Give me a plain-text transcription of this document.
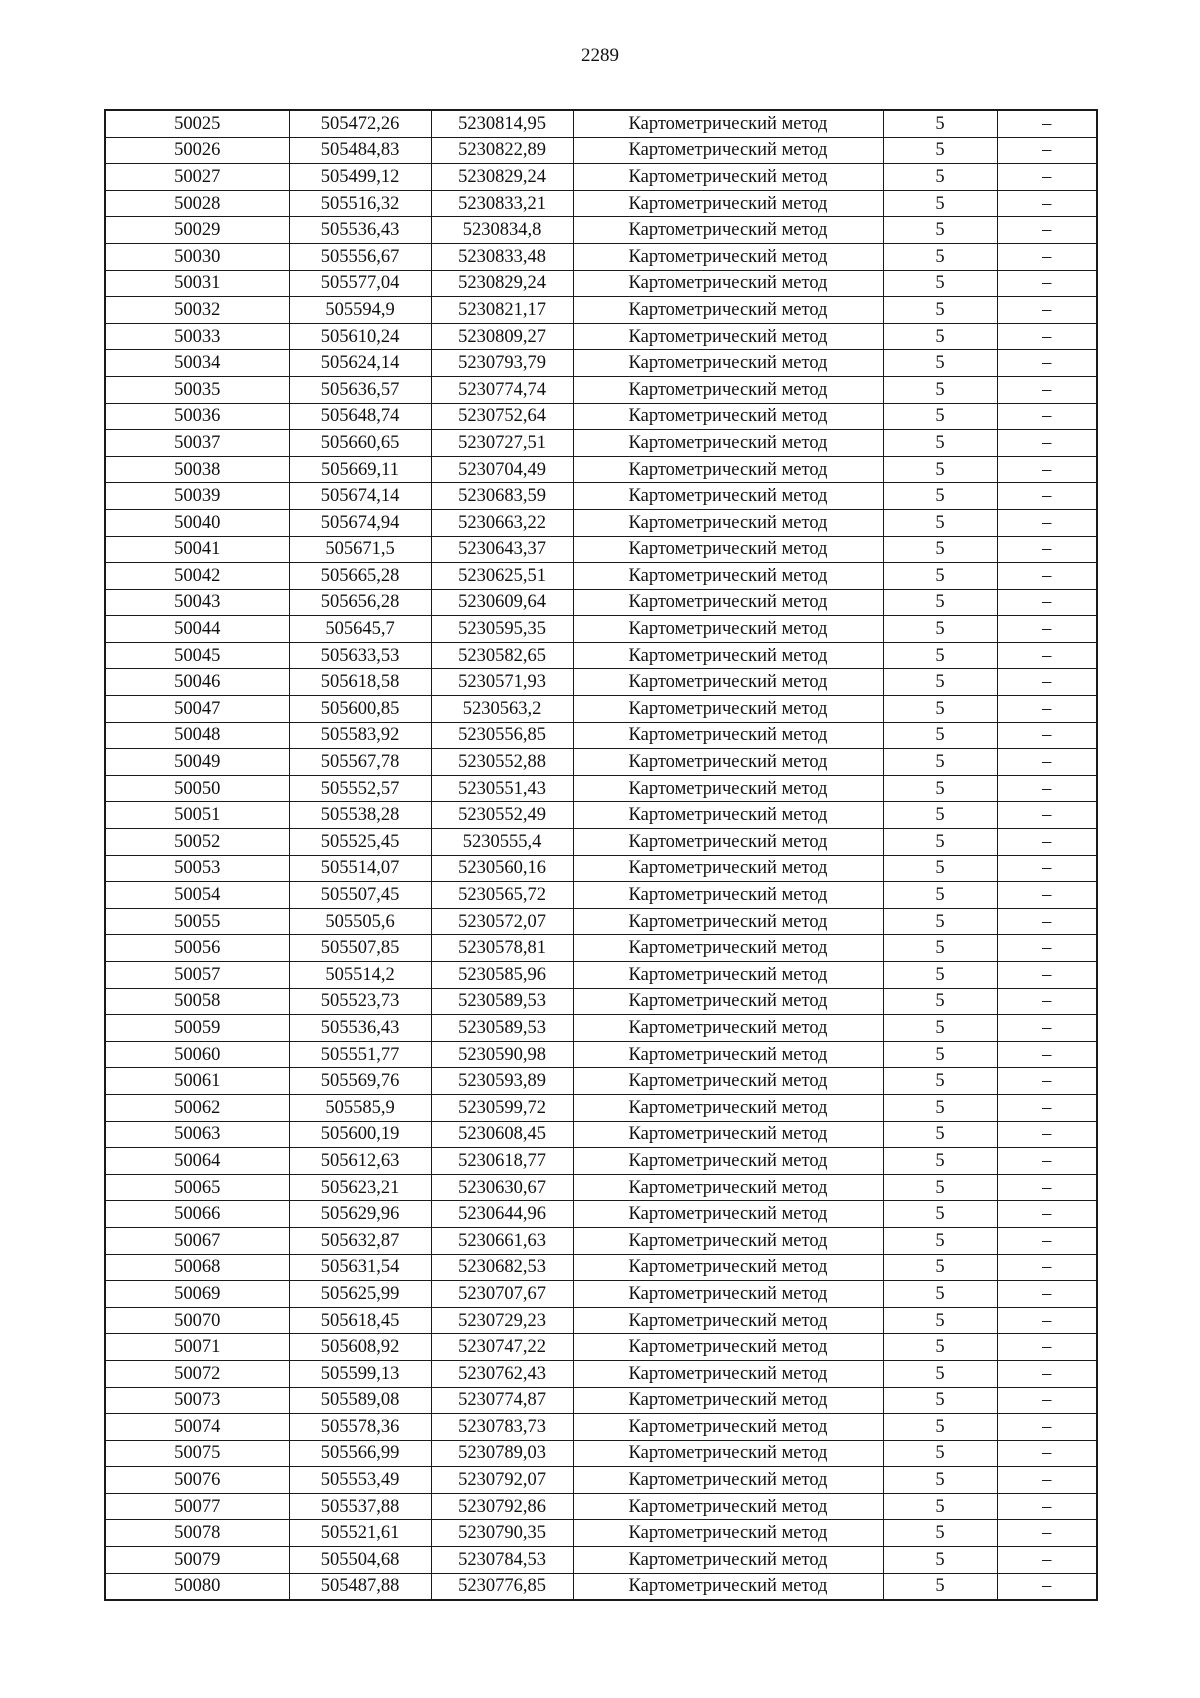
2289
50025	505472,26	5230814,95	Картометрический метод	5	–
50026	505484,83	5230822,89	Картометрический метод	5	–
50027	505499,12	5230829,24	Картометрический метод	5	–
50028	505516,32	5230833,21	Картометрический метод	5	–
50029	505536,43	5230834,8	Картометрический метод	5	–
50030	505556,67	5230833,48	Картометрический метод	5	–
50031	505577,04	5230829,24	Картометрический метод	5	–
50032	505594,9	5230821,17	Картометрический метод	5	–
50033	505610,24	5230809,27	Картометрический метод	5	–
50034	505624,14	5230793,79	Картометрический метод	5	–
50035	505636,57	5230774,74	Картометрический метод	5	–
50036	505648,74	5230752,64	Картометрический метод	5	–
50037	505660,65	5230727,51	Картометрический метод	5	–
50038	505669,11	5230704,49	Картометрический метод	5	–
50039	505674,14	5230683,59	Картометрический метод	5	–
50040	505674,94	5230663,22	Картометрический метод	5	–
50041	505671,5	5230643,37	Картометрический метод	5	–
50042	505665,28	5230625,51	Картометрический метод	5	–
50043	505656,28	5230609,64	Картометрический метод	5	–
50044	505645,7	5230595,35	Картометрический метод	5	–
50045	505633,53	5230582,65	Картометрический метод	5	–
50046	505618,58	5230571,93	Картометрический метод	5	–
50047	505600,85	5230563,2	Картометрический метод	5	–
50048	505583,92	5230556,85	Картометрический метод	5	–
50049	505567,78	5230552,88	Картометрический метод	5	–
50050	505552,57	5230551,43	Картометрический метод	5	–
50051	505538,28	5230552,49	Картометрический метод	5	–
50052	505525,45	5230555,4	Картометрический метод	5	–
50053	505514,07	5230560,16	Картометрический метод	5	–
50054	505507,45	5230565,72	Картометрический метод	5	–
50055	505505,6	5230572,07	Картометрический метод	5	–
50056	505507,85	5230578,81	Картометрический метод	5	–
50057	505514,2	5230585,96	Картометрический метод	5	–
50058	505523,73	5230589,53	Картометрический метод	5	–
50059	505536,43	5230589,53	Картометрический метод	5	–
50060	505551,77	5230590,98	Картометрический метод	5	–
50061	505569,76	5230593,89	Картометрический метод	5	–
50062	505585,9	5230599,72	Картометрический метод	5	–
50063	505600,19	5230608,45	Картометрический метод	5	–
50064	505612,63	5230618,77	Картометрический метод	5	–
50065	505623,21	5230630,67	Картометрический метод	5	–
50066	505629,96	5230644,96	Картометрический метод	5	–
50067	505632,87	5230661,63	Картометрический метод	5	–
50068	505631,54	5230682,53	Картометрический метод	5	–
50069	505625,99	5230707,67	Картометрический метод	5	–
50070	505618,45	5230729,23	Картометрический метод	5	–
50071	505608,92	5230747,22	Картометрический метод	5	–
50072	505599,13	5230762,43	Картометрический метод	5	–
50073	505589,08	5230774,87	Картометрический метод	5	–
50074	505578,36	5230783,73	Картометрический метод	5	–
50075	505566,99	5230789,03	Картометрический метод	5	–
50076	505553,49	5230792,07	Картометрический метод	5	–
50077	505537,88	5230792,86	Картометрический метод	5	–
50078	505521,61	5230790,35	Картометрический метод	5	–
50079	505504,68	5230784,53	Картометрический метод	5	–
50080	505487,88	5230776,85	Картометрический метод	5	–
